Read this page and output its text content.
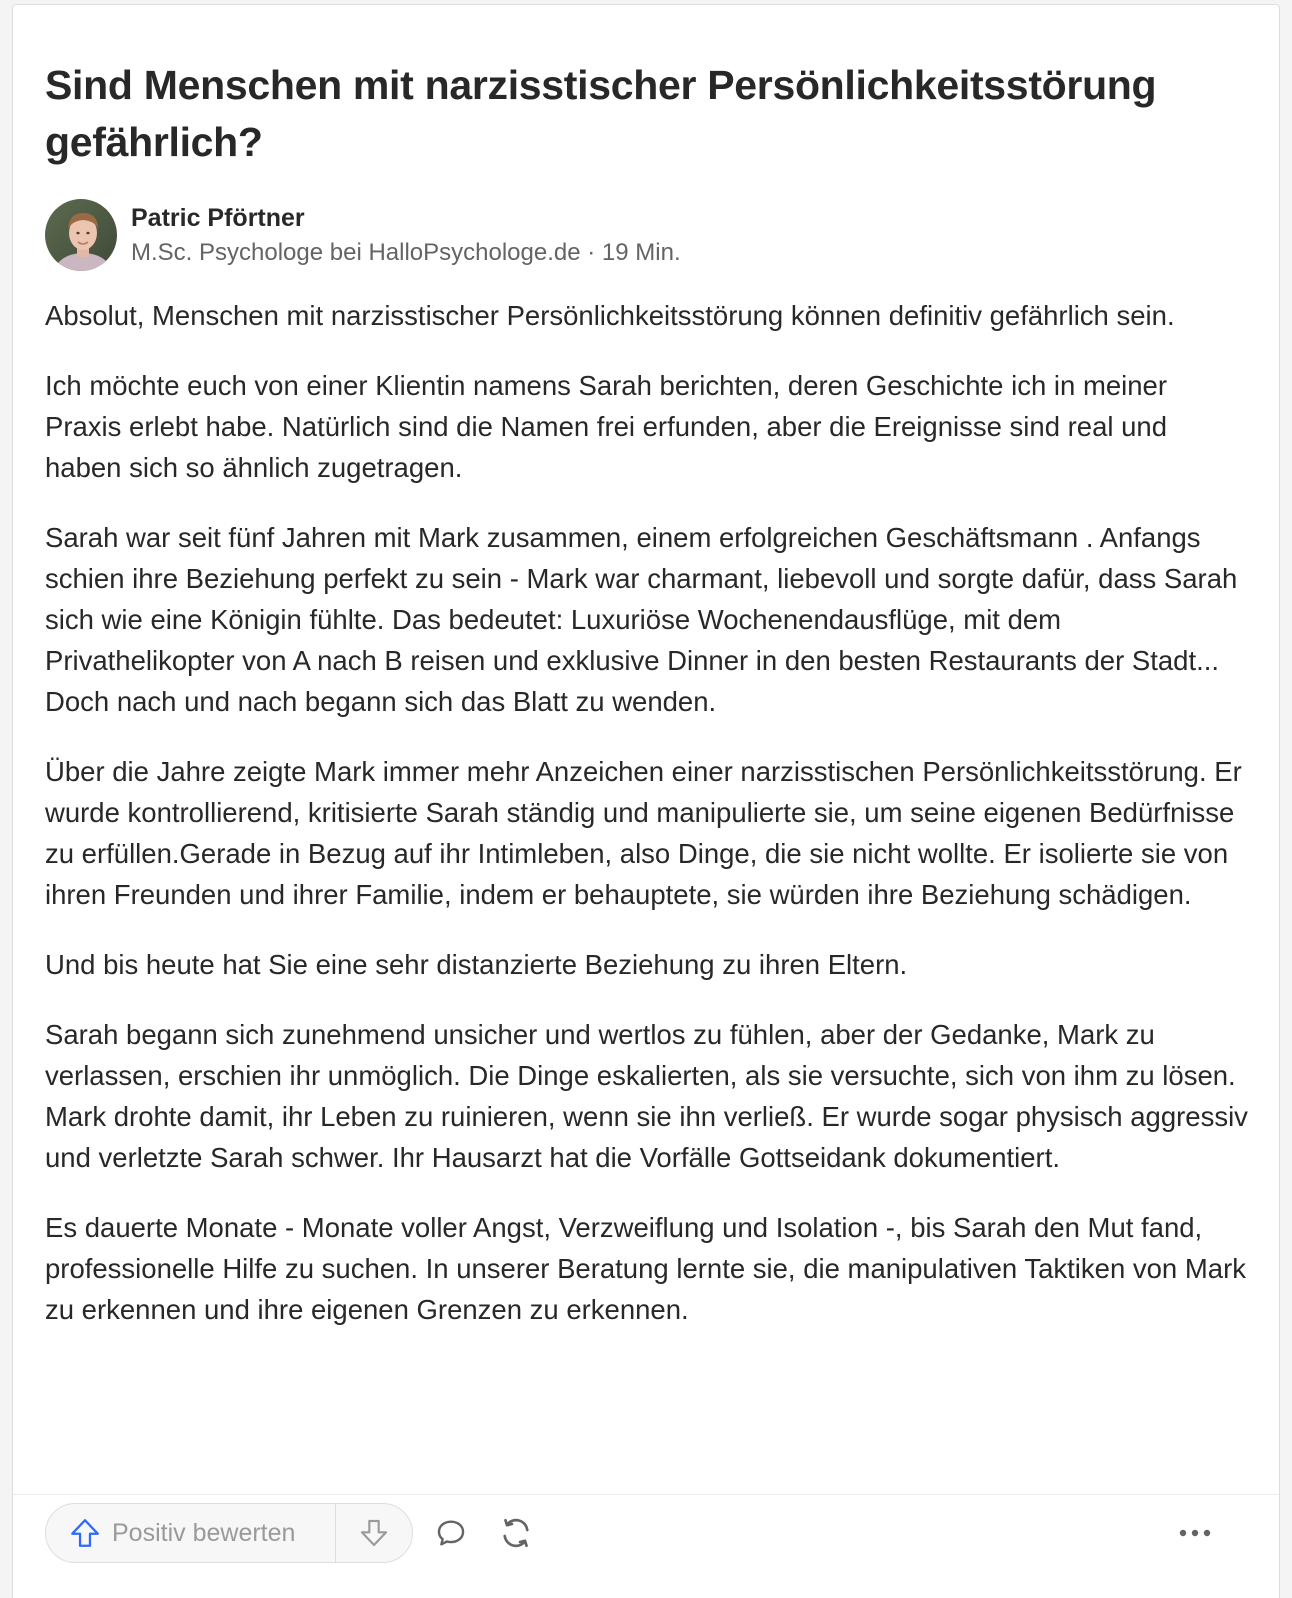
Sind Menschen mit narzisstischer Persönlichkeitsstörung gefährlich?
Patric Pförtner
M.Sc. Psychologe bei HalloPsychologe.de · 19 Min.

Absolut, Menschen mit narzisstischer Persönlichkeitsstörung können definitiv gefährlich sein.

Ich möchte euch von einer Klientin namens Sarah berichten, deren Geschichte ich in meiner Praxis erlebt habe. Natürlich sind die Namen frei erfunden, aber die Ereignisse sind real und haben sich so ähnlich zugetragen.

Sarah war seit fünf Jahren mit Mark zusammen, einem erfolgreichen Geschäftsmann . Anfangs schien ihre Beziehung perfekt zu sein - Mark war charmant, liebevoll und sorgte dafür, dass Sarah sich wie eine Königin fühlte. Das bedeutet: Luxuriöse Wochenendausflüge, mit dem Privathelikopter von A nach B reisen und exklusive Dinner in den besten Restaurants der Stadt... Doch nach und nach begann sich das Blatt zu wenden.

Über die Jahre zeigte Mark immer mehr Anzeichen einer narzisstischen Persönlichkeitsstörung. Er wurde kontrollierend, kritisierte Sarah ständig und manipulierte sie, um seine eigenen Bedürfnisse zu erfüllen.Gerade in Bezug auf ihr Intimleben, also Dinge, die sie nicht wollte. Er isolierte sie von ihren Freunden und ihrer Familie, indem er behauptete, sie würden ihre Beziehung schädigen.

Und bis heute hat Sie eine sehr distanzierte Beziehung zu ihren Eltern.

Sarah begann sich zunehmend unsicher und wertlos zu fühlen, aber der Gedanke, Mark zu verlassen, erschien ihr unmöglich. Die Dinge eskalierten, als sie versuchte, sich von ihm zu lösen. Mark drohte damit, ihr Leben zu ruinieren, wenn sie ihn verließ. Er wurde sogar physisch aggressiv und verletzte Sarah schwer. Ihr Hausarzt hat die Vorfälle Gottseidank dokumentiert.

Es dauerte Monate - Monate voller Angst, Verzweiflung und Isolation -, bis Sarah den Mut fand, professionelle Hilfe zu suchen. In unserer Beratung lernte sie, die manipulativen Taktiken von Mark zu erkennen und ihre eigenen Grenzen zu erkennen.

Positiv bewerten
